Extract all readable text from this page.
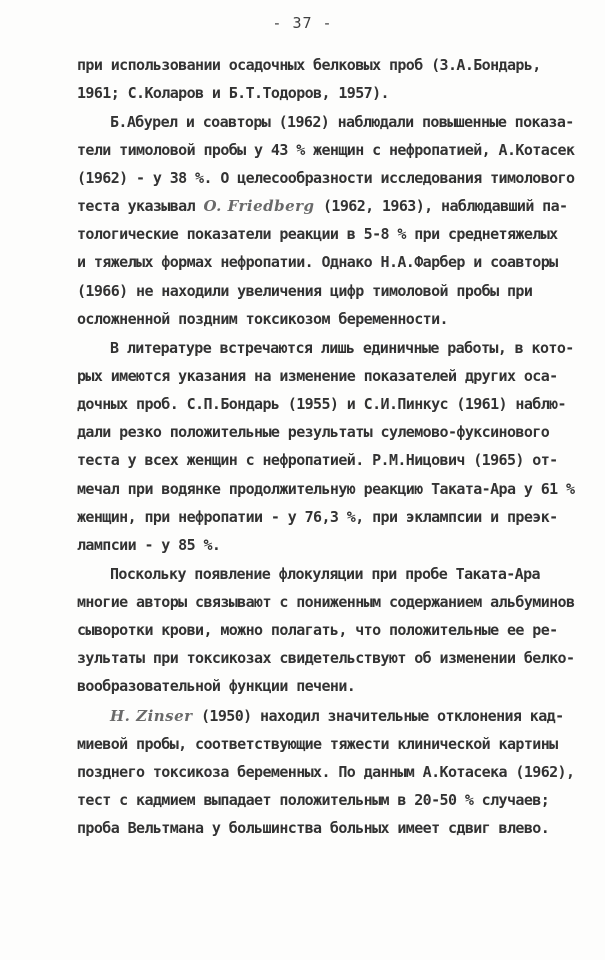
- 37 -
при использовании осадочных белковых проб (З.А.Бондарь,
1961; С.Коларов и Б.Т.Тодоров, 1957).
Б.Абурел и соавторы (1962) наблюдали повышенные показа-
тели тимоловой пробы у 43 % женщин с нефропатией, А.Котасек
(1962) - у 38 %. О целесообразности исследования тимолового
теста указывал O. Friedberg (1962, 1963), наблюдавший па-
тологические показатели реакции в 5-8 % при среднетяжелых
и тяжелых формах нефропатии. Однако Н.А.Фарбер и соавторы
(1966) не находили увеличения цифр тимоловой пробы при
осложненной поздним токсикозом беременности.
В литературе встречаются лишь единичные работы, в кото-
рых имеются указания на изменение показателей других оса-
дочных проб. С.П.Бондарь (1955) и С.И.Пинкус (1961) наблю-
дали резко положительные результаты сулемово-фуксинового
теста у всех женщин с нефропатией. Р.М.Ницович (1965) от-
мечал при водянке продолжительную реакцию Таката-Ара у 61 %
женщин, при нефропатии - у 76,3 %, при эклампсии и преэк-
лампсии - у 85 %.
Поскольку появление флокуляции при пробе Таката-Ара
многие авторы связывают с пониженным содержанием альбуминов
сыворотки крови, можно полагать, что положительные ее ре-
зультаты при токсикозах свидетельствуют об изменении белко-
вообразовательной функции печени.
H. Zinser (1950) находил значительные отклонения кад-
миевой пробы, соответствующие тяжести клинической картины
позднего токсикоза беременных. По данным А.Котасека (1962),
тест с кадмием выпадает положительным в 20-50 % случаев;
проба Вельтмана у большинства больных имеет сдвиг влево.
